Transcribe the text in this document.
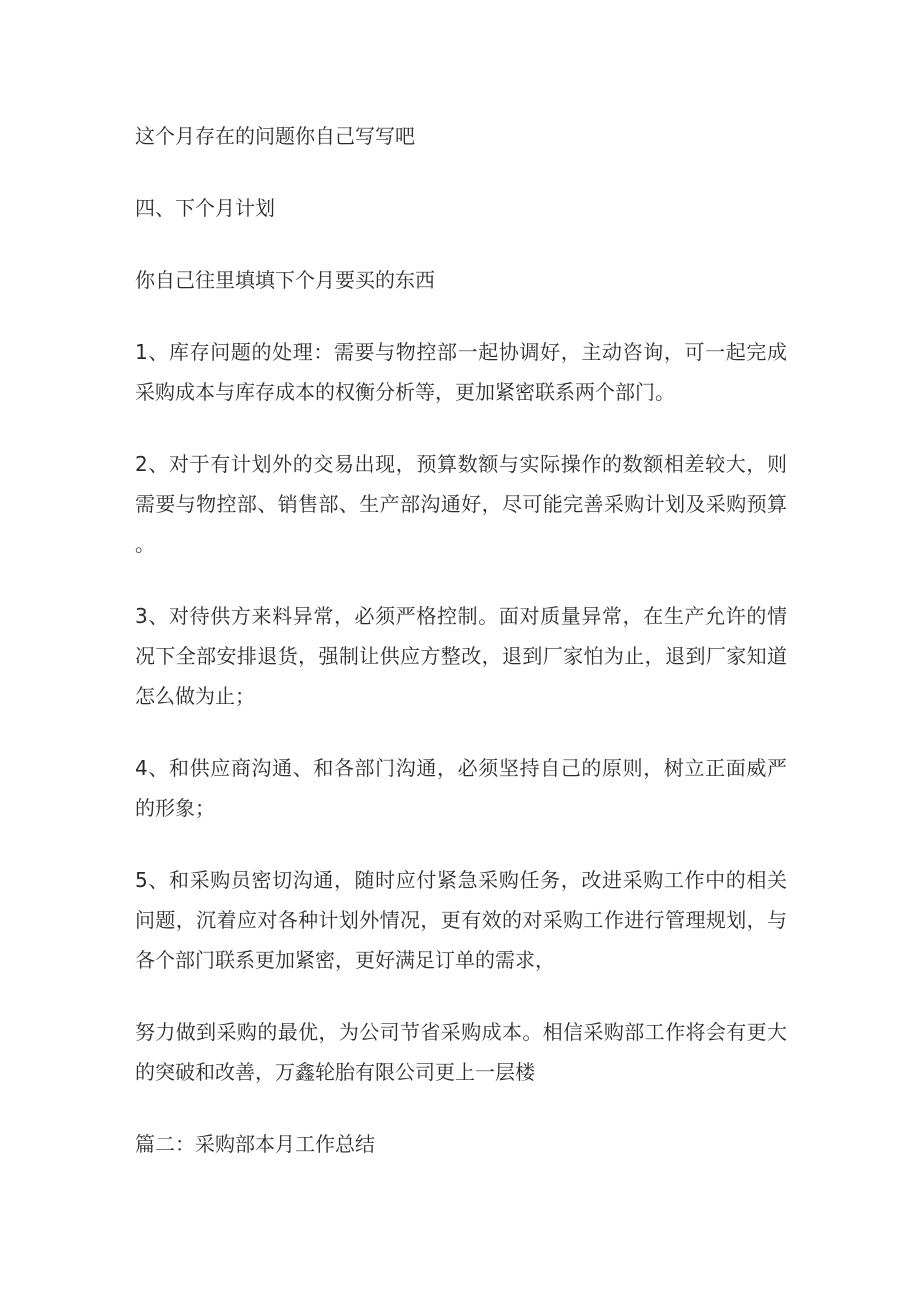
这个月存在的问题你自己写写吧

四、下个月计划

你自己往里填填下个月要买的东西

1、库存问题的处理：需要与物控部一起协调好，主动咨询，可一起完成采购成本与库存成本的权衡分析等，更加紧密联系两个部门。

2、对于有计划外的交易出现，预算数额与实际操作的数额相差较大，则需要与物控部、销售部、生产部沟通好，尽可能完善采购计划及采购预算。

3、对待供方来料异常，必须严格控制。面对质量异常，在生产允许的情况下全部安排退货，强制让供应方整改，退到厂家怕为止，退到厂家知道怎么做为止；

4、和供应商沟通、和各部门沟通，必须坚持自己的原则，树立正面威严的形象；

5、和采购员密切沟通，随时应付紧急采购任务，改进采购工作中的相关问题，沉着应对各种计划外情况，更有效的对采购工作进行管理规划，与各个部门联系更加紧密，更好满足订单的需求，

努力做到采购的最优，为公司节省采购成本。相信采购部工作将会有更大的突破和改善，万鑫轮胎有限公司更上一层楼

篇二：采购部本月工作总结
